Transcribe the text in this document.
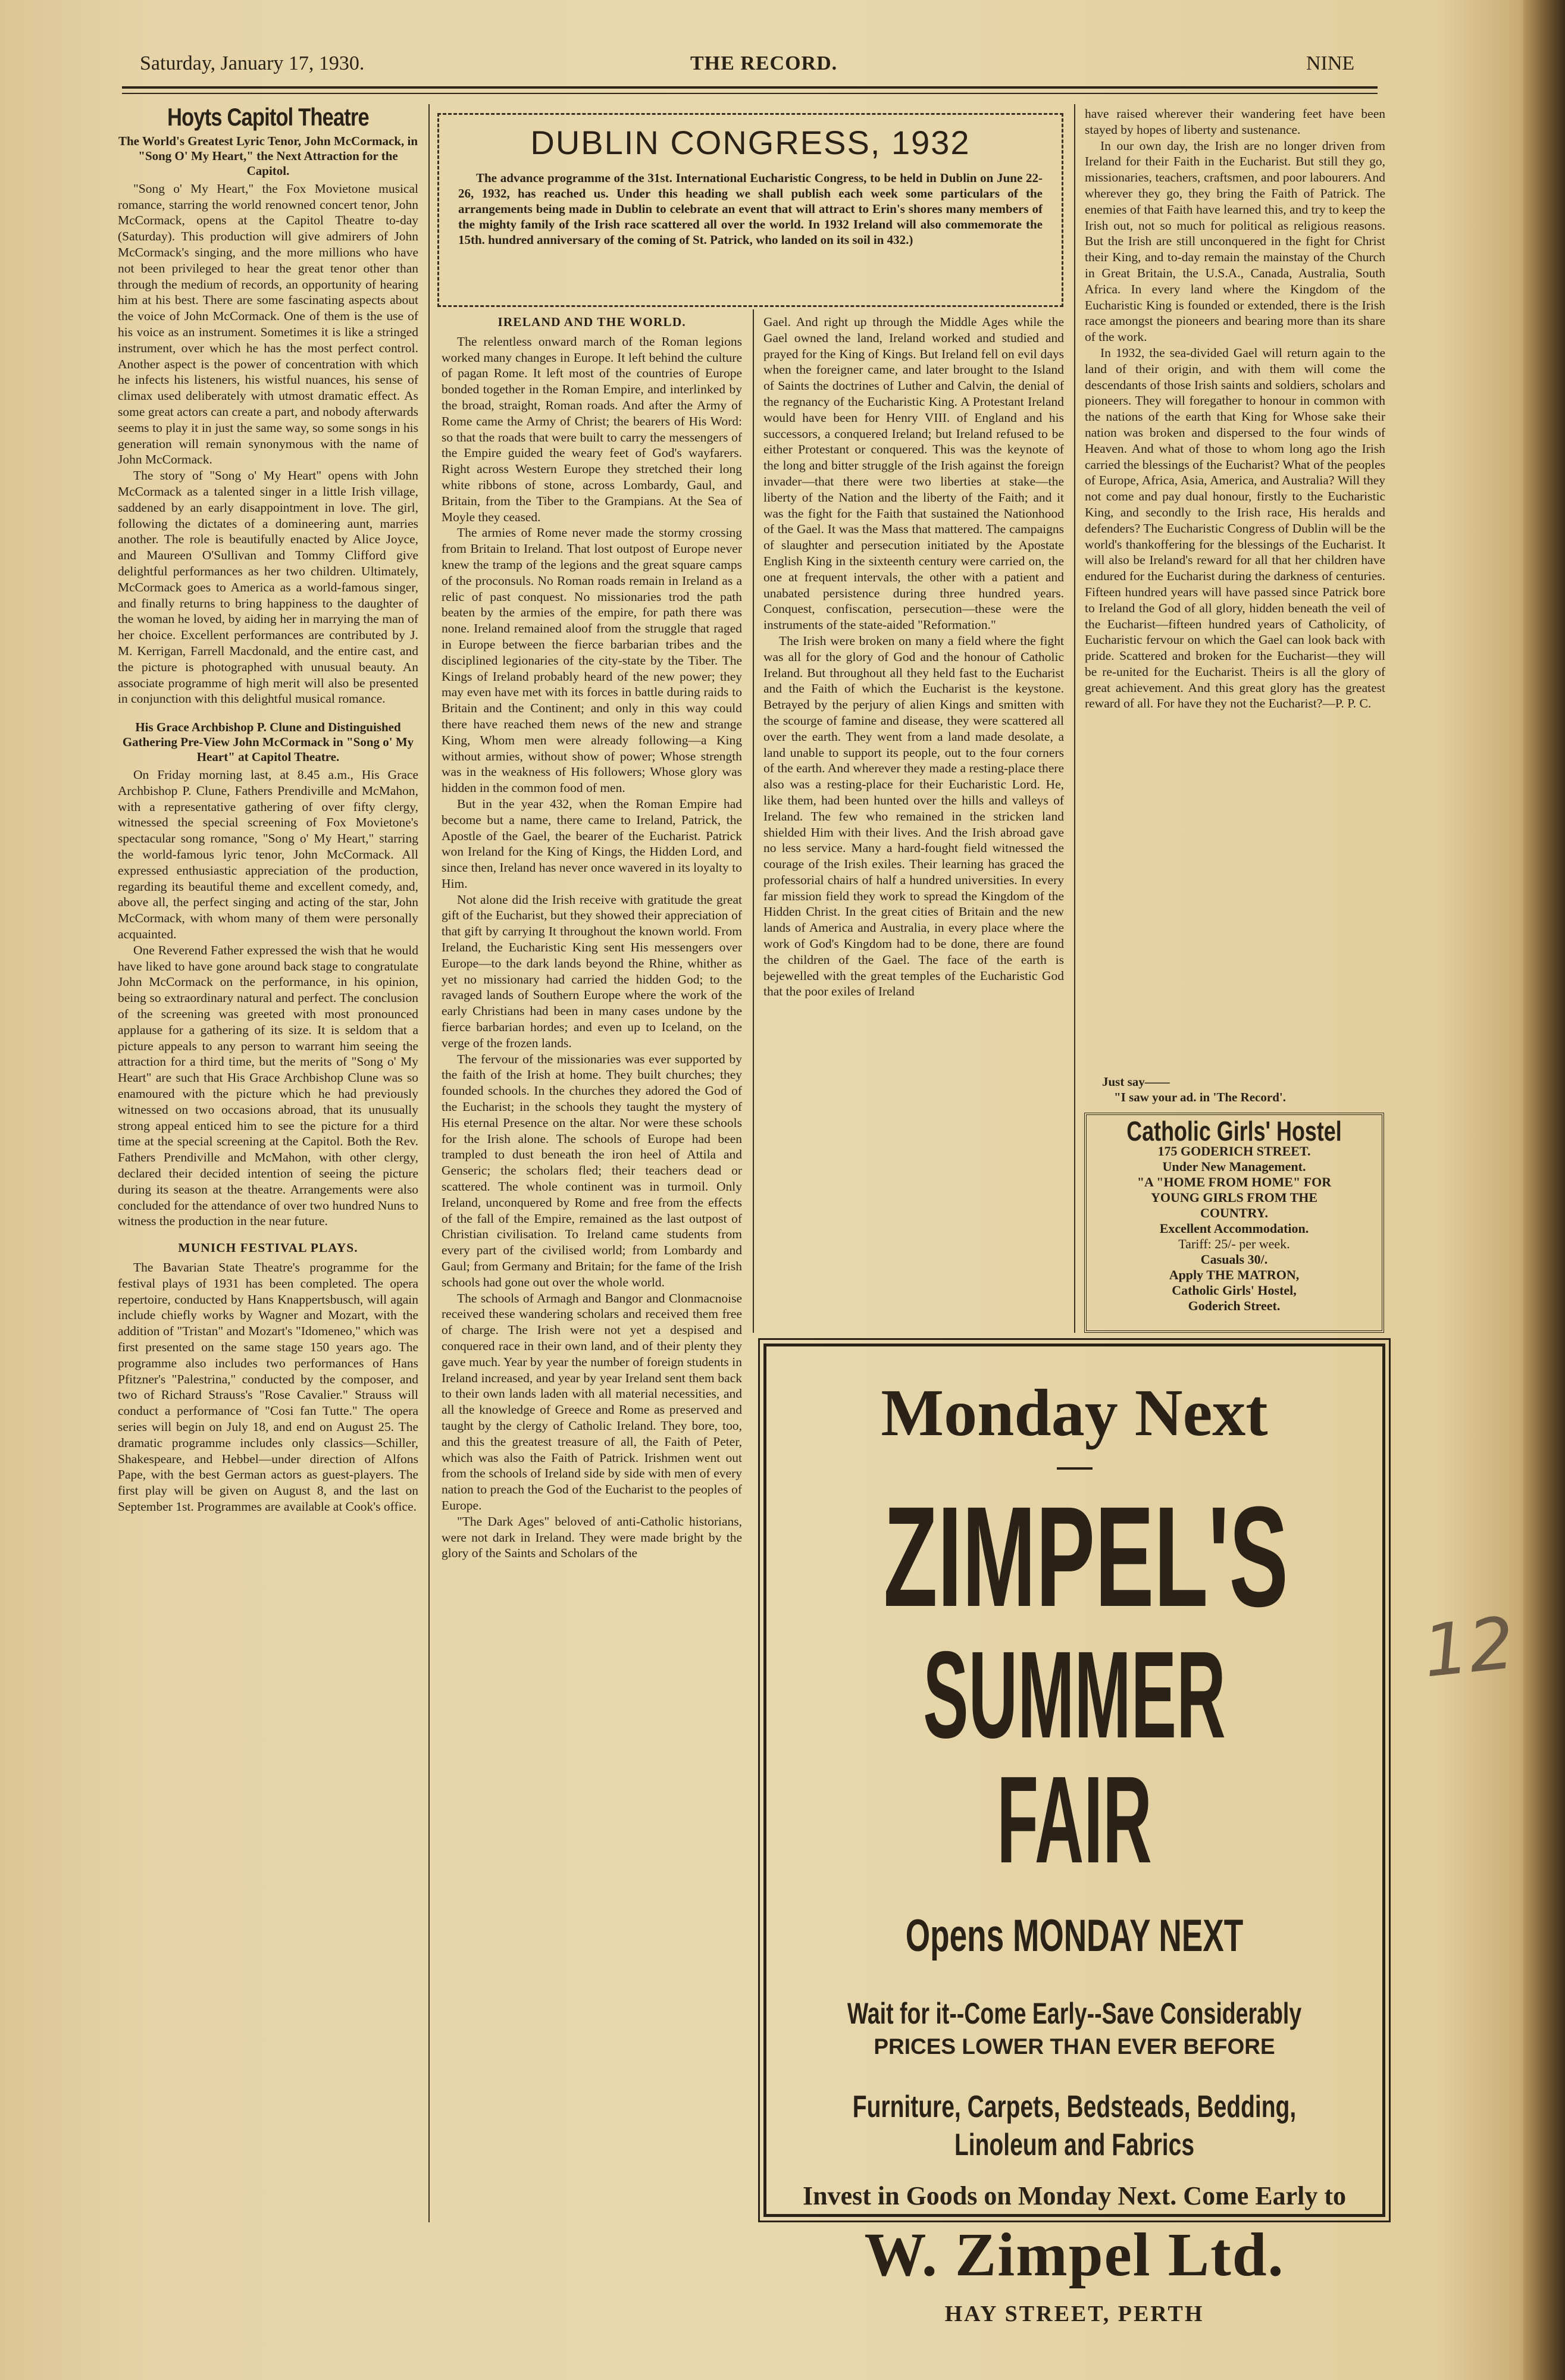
Saturday, January 17, 1930.	THE RECORD.	NINE
Hoyts Capitol Theatre

The World's Greatest Lyric Tenor, John McCormack, in "Song O' My Heart," the Next Attraction for the Capitol.

"Song o' My Heart," the Fox Movietone musical romance, starring the world renowned concert tenor, John McCormack, opens at the Capitol Theatre to-day (Saturday). This production will give admirers of John McCormack's singing, and the more millions who have not been privileged to hear the great tenor other than through the medium of records, an opportunity of hearing him at his best. There are some fascinating aspects about the voice of John McCormack. One of them is the use of his voice as an instrument. Sometimes it is like a stringed instrument, over which he has the most perfect control. Another aspect is the power of concentration with which he infects his listeners, his wistful nuances, his sense of climax used deliberately with utmost dramatic effect. As some great actors can create a part, and nobody afterwards seems to play it in just the same way, so some songs in his generation will remain synonymous with the name of John McCormack.

The story of "Song o' My Heart" opens with John McCormack as a talented singer in a little Irish village, saddened by an early disappointment in love. The girl, following the dictates of a domineering aunt, marries another. The role is beautifully enacted by Alice Joyce, and Maureen O'Sullivan and Tommy Clifford give delightful performances as her two children. Ultimately, McCormack goes to America as a world-famous singer, and finally returns to bring happiness to the daughter of the woman he loved, by aiding her in marrying the man of her choice. Excellent performances are contributed by J. M. Kerrigan, Farrell Macdonald, and the entire cast, and the picture is photographed with unusual beauty. An associate programme of high merit will also be presented in conjunction with this delightful musical romance.

His Grace Archbishop P. Clune and Distinguished Gathering Pre-View John McCormack in "Song o' My Heart" at Capitol Theatre.

On Friday morning last, at 8.45 a.m., His Grace Archbishop P. Clune, Fathers Prendiville and McMahon, with a representative gathering of over fifty clergy, witnessed the special screening of Fox Movietone's spectacular song romance, "Song o' My Heart," starring the world-famous lyric tenor, John McCormack. All expressed enthusiastic appreciation of the production, regarding its beautiful theme and excellent comedy, and, above all, the perfect singing and acting of the star, John McCormack, with whom many of them were personally acquainted.

One Reverend Father expressed the wish that he would have liked to have gone around back stage to congratulate John McCormack on the performance, in his opinion, being so extraordinary natural and perfect. The conclusion of the screening was greeted with most pronounced applause for a gathering of its size. It is seldom that a picture appeals to any person to warrant him seeing the attraction for a third time, but the merits of "Song o' My Heart" are such that His Grace Archbishop Clune was so enamoured with the picture which he had previously witnessed on two occasions abroad, that its unusually strong appeal enticed him to see the picture for a third time at the special screening at the Capitol. Both the Rev. Fathers Prendiville and McMahon, with other clergy, declared their decided intention of seeing the picture during its season at the theatre. Arrangements were also concluded for the attendance of over two hundred Nuns to witness the production in the near future.

MUNICH FESTIVAL PLAYS.

The Bavarian State Theatre's programme for the festival plays of 1931 has been completed. The opera repertoire, conducted by Hans Knappertsbusch, will again include chiefly works by Wagner and Mozart, with the addition of "Tristan" and Mozart's "Idomeneo," which was first presented on the same stage 150 years ago. The programme also includes two performances of Hans Pfitzner's "Palestrina," conducted by the composer, and two of Richard Strauss's "Rose Cavalier." Strauss will conduct a performance of "Cosi fan Tutte." The opera series will begin on July 18, and end on August 25. The dramatic programme includes only classics—Schiller, Shakespeare, and Hebbel—under direction of Alfons Pape, with the best German actors as guest-players. The first play will be given on August 8, and the last on September 1st. Programmes are available at Cook's office.

DUBLIN CONGRESS, 1932

The advance programme of the 31st. International Eucharistic Congress, to be held in Dublin on June 22-26, 1932, has reached us. Under this heading we shall publish each week some particulars of the arrangements being made in Dublin to celebrate an event that will attract to Erin's shores many members of the mighty family of the Irish race scattered all over the world. In 1932 Ireland will also commemorate the 15th. hundred anniversary of the coming of St. Patrick, who landed on its soil in 432.)

IRELAND AND THE WORLD.

The relentless onward march of the Roman legions worked many changes in Europe. It left behind the culture of pagan Rome. It left most of the countries of Europe bonded together in the Roman Empire, and interlinked by the broad, straight, Roman roads. And after the Army of Rome came the Army of Christ; the bearers of His Word: so that the roads that were built to carry the messengers of the Empire guided the weary feet of God's wayfarers. Right across Western Europe they stretched their long white ribbons of stone, across Lombardy, Gaul, and Britain, from the Tiber to the Grampians. At the Sea of Moyle they ceased.

The armies of Rome never made the stormy crossing from Britain to Ireland. That lost outpost of Europe never knew the tramp of the legions and the great square camps of the proconsuls. No Roman roads remain in Ireland as a relic of past conquest. No missionaries trod the path beaten by the armies of the empire, for path there was none. Ireland remained aloof from the struggle that raged in Europe between the fierce barbarian tribes and the disciplined legionaries of the city-state by the Tiber. The Kings of Ireland probably heard of the new power; they may even have met with its forces in battle during raids to Britain and the Continent; and only in this way could there have reached them news of the new and strange King, Whom men were already following—a King without armies, without show of power; Whose strength was in the weakness of His followers; Whose glory was hidden in the common food of men.

But in the year 432, when the Roman Empire had become but a name, there came to Ireland, Patrick, the Apostle of the Gael, the bearer of the Eucharist. Patrick won Ireland for the King of Kings, the Hidden Lord, and since then, Ireland has never once wavered in its loyalty to Him.

Not alone did the Irish receive with gratitude the great gift of the Eucharist, but they showed their appreciation of that gift by carrying It throughout the known world. From Ireland, the Eucharistic King sent His messengers over Europe—to the dark lands beyond the Rhine, whither as yet no missionary had carried the hidden God; to the ravaged lands of Southern Europe where the work of the early Christians had been in many cases undone by the fierce barbarian hordes; and even up to Iceland, on the verge of the frozen lands.

The fervour of the missionaries was ever supported by the faith of the Irish at home. They built churches; they founded schools. In the churches they adored the God of the Eucharist; in the schools they taught the mystery of His eternal Presence on the altar. Nor were these schools for the Irish alone. The schools of Europe had been trampled to dust beneath the iron heel of Attila and Genseric; the scholars fled; their teachers dead or scattered. The whole continent was in turmoil. Only Ireland, unconquered by Rome and free from the effects of the fall of the Empire, remained as the last outpost of Christian civilisation. To Ireland came students from every part of the civilised world; from Lombardy and Gaul; from Germany and Britain; for the fame of the Irish schools had gone out over the whole world.

The schools of Armagh and Bangor and Clonmacnoise received these wandering scholars and received them free of charge. The Irish were not yet a despised and conquered race in their own land, and of their plenty they gave much. Year by year the number of foreign students in Ireland increased, and year by year Ireland sent them back to their own lands laden with all material necessities, and all the knowledge of Greece and Rome as preserved and taught by the clergy of Catholic Ireland. They bore, too, and this the greatest treasure of all, the Faith of Peter, which was also the Faith of Patrick. Irishmen went out from the schools of Ireland side by side with men of every nation to preach the God of the Eucharist to the peoples of Europe.

"The Dark Ages" beloved of anti-Catholic historians, were not dark in Ireland. They were made bright by the glory of the Saints and Scholars of the

Gael. And right up through the Middle Ages while the Gael owned the land, Ireland worked and studied and prayed for the King of Kings. But Ireland fell on evil days when the foreigner came, and later brought to the Island of Saints the doctrines of Luther and Calvin, the denial of the regnancy of the Eucharistic King. A Protestant Ireland would have been for Henry VIII. of England and his successors, a conquered Ireland; but Ireland refused to be either Protestant or conquered. This was the keynote of the long and bitter struggle of the Irish against the foreign invader—that there were two liberties at stake—the liberty of the Nation and the liberty of the Faith; and it was the fight for the Faith that sustained the Nationhood of the Gael. It was the Mass that mattered. The campaigns of slaughter and persecution initiated by the Apostate English King in the sixteenth century were carried on, the one at frequent intervals, the other with a patient and unabated persistence during three hundred years. Conquest, confiscation, persecution—these were the instruments of the state-aided "Reformation."

The Irish were broken on many a field where the fight was all for the glory of God and the honour of Catholic Ireland. But throughout all they held fast to the Eucharist and the Faith of which the Eucharist is the keystone. Betrayed by the perjury of alien Kings and smitten with the scourge of famine and disease, they were scattered all over the earth. They went from a land made desolate, a land unable to support its people, out to the four corners of the earth. And wherever they made a resting-place there also was a resting-place for their Eucharistic Lord. He, like them, had been hunted over the hills and valleys of Ireland. The few who remained in the stricken land shielded Him with their lives. And the Irish abroad gave no less service. Many a hard-fought field witnessed the courage of the Irish exiles. Their learning has graced the professorial chairs of half a hundred universities. In every far mission field they work to spread the Kingdom of the Hidden Christ. In the great cities of Britain and the new lands of America and Australia, in every place where the work of God's Kingdom had to be done, there are found the children of the Gael. The face of the earth is bejewelled with the great temples of the Eucharistic God that the poor exiles of Ireland

have raised wherever their wandering feet have been stayed by hopes of liberty and sustenance.

In our own day, the Irish are no longer driven from Ireland for their Faith in the Eucharist. But still they go, missionaries, teachers, craftsmen, and poor labourers. And wherever they go, they bring the Faith of Patrick. The enemies of that Faith have learned this, and try to keep the Irish out, not so much for political as religious reasons. But the Irish are still unconquered in the fight for Christ their King, and to-day remain the mainstay of the Church in Great Britain, the U.S.A., Canada, Australia, South Africa. In every land where the Kingdom of the Eucharistic King is founded or extended, there is the Irish race amongst the pioneers and bearing more than its share of the work.

In 1932, the sea-divided Gael will return again to the land of their origin, and with them will come the descendants of those Irish saints and soldiers, scholars and pioneers. They will foregather to honour in common with the nations of the earth that King for Whose sake their nation was broken and dispersed to the four winds of Heaven. And what of those to whom long ago the Irish carried the blessings of the Eucharist? What of the peoples of Europe, Africa, Asia, America, and Australia? Will they not come and pay dual honour, firstly to the Eucharistic King, and secondly to the Irish race, His heralds and defenders? The Eucharistic Congress of Dublin will be the world's thankoffering for the blessings of the Eucharist. It will also be Ireland's reward for all that her children have endured for the Eucharist during the darkness of centuries. Fifteen hundred years will have passed since Patrick bore to Ireland the God of all glory, hidden beneath the veil of the Eucharist—fifteen hundred years of Catholicity, of Eucharistic fervour on which the Gael can look back with pride. Scattered and broken for the Eucharist—they will be re-united for the Eucharist. Theirs is all the glory of great achievement. And this great glory has the greatest reward of all. For have they not the Eucharist?—P. P. C.

Just say——
"I saw your ad. in 'The Record'.
Catholic Girls' Hostel
175 GODERICH STREET.
Under New Management.
"A "HOME FROM HOME" FOR
YOUNG GIRLS FROM THE
COUNTRY.
Excellent Accommodation.
Tariff: 25/- per week.
Casuals 30/.
Apply THE MATRON,
Catholic Girls' Hostel,
Goderich Street.
Monday Next
ZIMPEL'S
SUMMER FAIR
Opens MONDAY NEXT
Wait for it--Come Early--Save Considerably
PRICES LOWER THAN EVER BEFORE
Furniture, Carpets, Bedsteads, Bedding,
Linoleum and Fabrics
Invest in Goods on Monday Next. Come Early to
W. Zimpel Ltd.
HAY STREET, PERTH
12
